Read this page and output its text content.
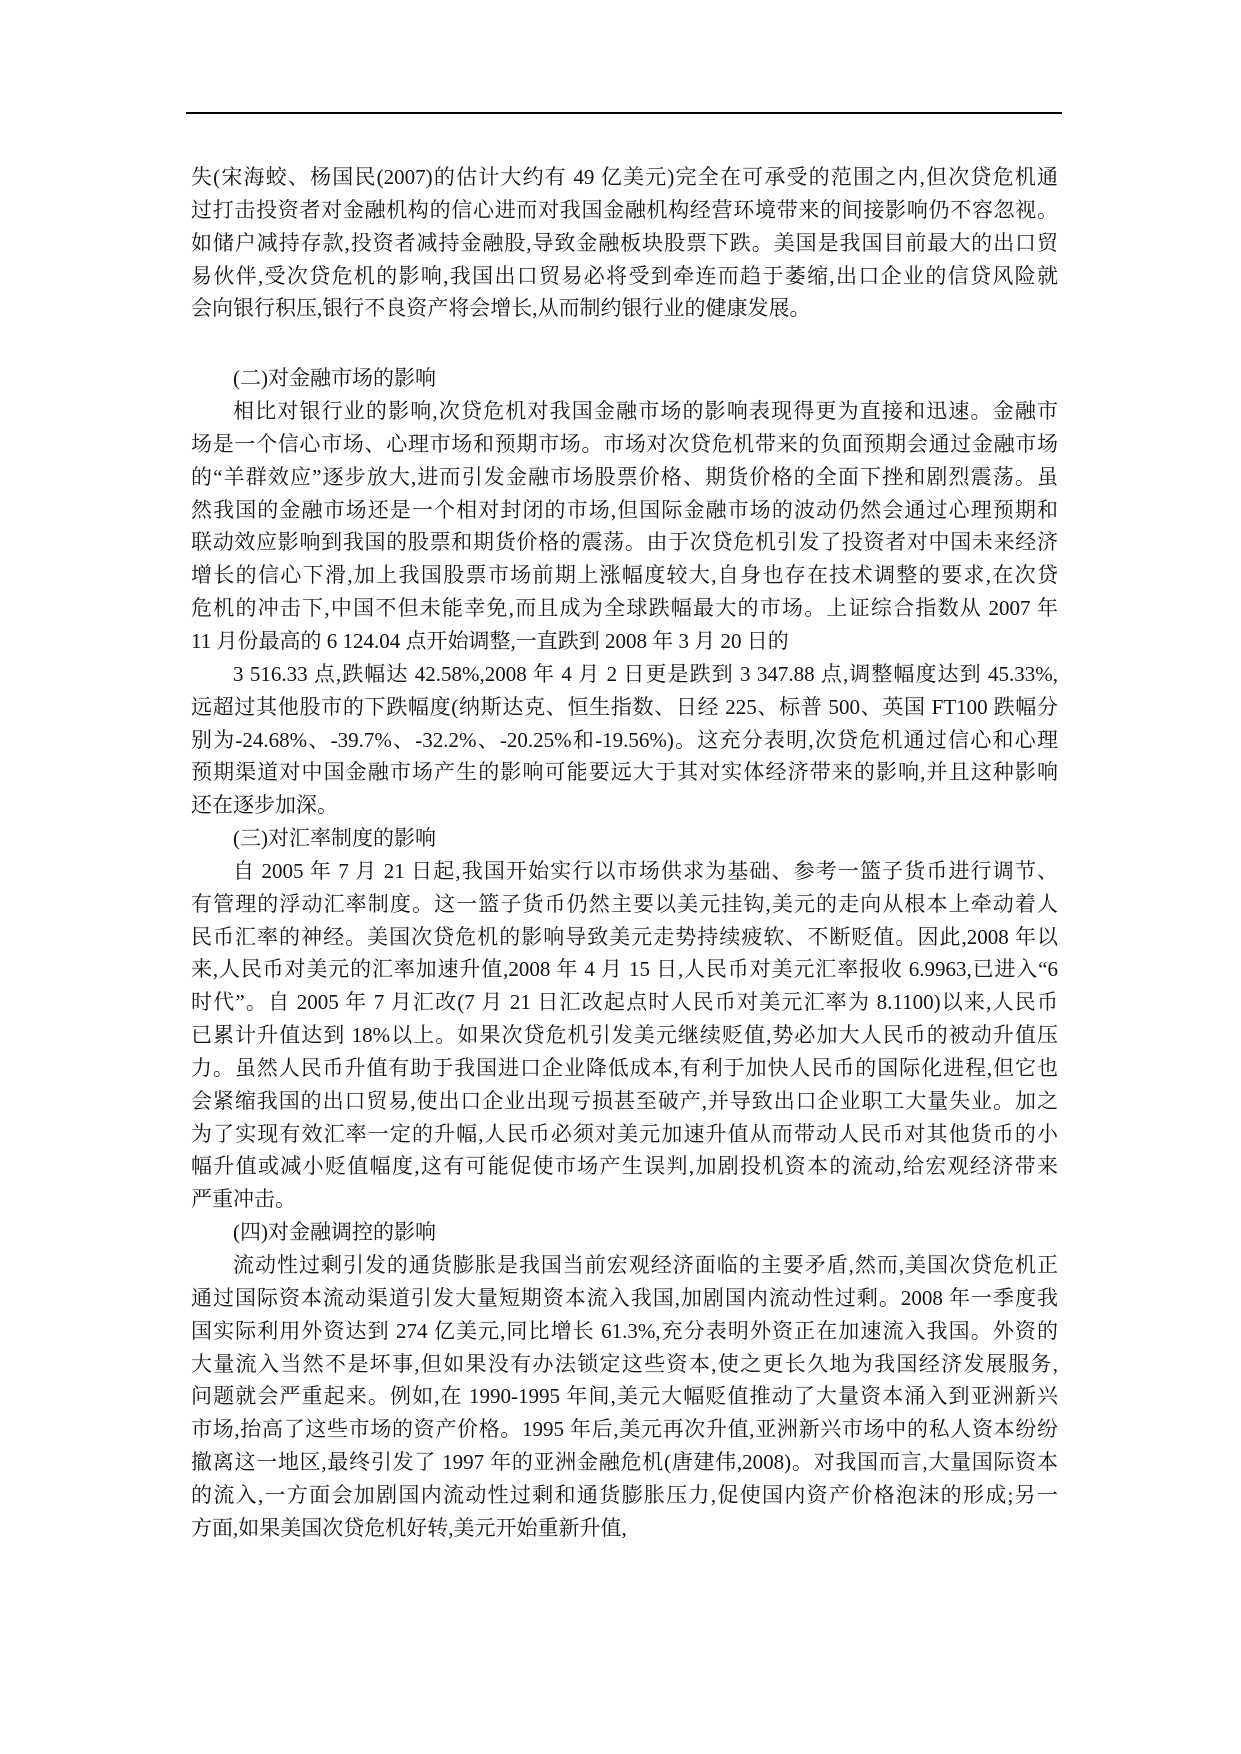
失(宋海蛟、杨国民(2007)的估计大约有 49 亿美元)完全在可承受的范围之内,但次贷危机通
过打击投资者对金融机构的信心进而对我国金融机构经营环境带来的间接影响仍不容忽视。
如储户减持存款,投资者减持金融股,导致金融板块股票下跌。美国是我国目前最大的出口贸
易伙伴,受次贷危机的影响,我国出口贸易必将受到牵连而趋于萎缩,出口企业的信贷风险就
会向银行积压,银行不良资产将会增长,从而制约银行业的健康发展。
(二)对金融市场的影响
相比对银行业的影响,次贷危机对我国金融市场的影响表现得更为直接和迅速。金融市
场是一个信心市场、心理市场和预期市场。市场对次贷危机带来的负面预期会通过金融市场
的“羊群效应”逐步放大,进而引发金融市场股票价格、期货价格的全面下挫和剧烈震荡。虽
然我国的金融市场还是一个相对封闭的市场,但国际金融市场的波动仍然会通过心理预期和
联动效应影响到我国的股票和期货价格的震荡。由于次贷危机引发了投资者对中国未来经济
增长的信心下滑,加上我国股票市场前期上涨幅度较大,自身也存在技术调整的要求,在次贷
危机的冲击下,中国不但未能幸免,而且成为全球跌幅最大的市场。上证综合指数从 2007 年
11 月份最高的 6 124.04 点开始调整,一直跌到 2008 年 3 月 20 日的
3 516.33 点,跌幅达 42.58%,2008 年 4 月 2 日更是跌到 3 347.88 点,调整幅度达到 45.33%,
远超过其他股市的下跌幅度(纳斯达克、恒生指数、日经 225、标普 500、英国 FT100 跌幅分
别为-24.68%、-39.7%、-32.2%、-20.25%和-19.56%)。这充分表明,次贷危机通过信心和心理
预期渠道对中国金融市场产生的影响可能要远大于其对实体经济带来的影响,并且这种影响
还在逐步加深。
(三)对汇率制度的影响
自 2005 年 7 月 21 日起,我国开始实行以市场供求为基础、参考一篮子货币进行调节、
有管理的浮动汇率制度。这一篮子货币仍然主要以美元挂钩,美元的走向从根本上牵动着人
民币汇率的神经。美国次贷危机的影响导致美元走势持续疲软、不断贬值。因此,2008 年以
来,人民币对美元的汇率加速升值,2008 年 4 月 15 日,人民币对美元汇率报收 6.9963,已进入“6
时代”。自 2005 年 7 月汇改(7 月 21 日汇改起点时人民币对美元汇率为 8.1100)以来,人民币
已累计升值达到 18%以上。如果次贷危机引发美元继续贬值,势必加大人民币的被动升值压
力。虽然人民币升值有助于我国进口企业降低成本,有利于加快人民币的国际化进程,但它也
会紧缩我国的出口贸易,使出口企业出现亏损甚至破产,并导致出口企业职工大量失业。加之
为了实现有效汇率一定的升幅,人民币必须对美元加速升值从而带动人民币对其他货币的小
幅升值或减小贬值幅度,这有可能促使市场产生误判,加剧投机资本的流动,给宏观经济带来
严重冲击。
(四)对金融调控的影响
流动性过剩引发的通货膨胀是我国当前宏观经济面临的主要矛盾,然而,美国次贷危机正
通过国际资本流动渠道引发大量短期资本流入我国,加剧国内流动性过剩。2008 年一季度我
国实际利用外资达到 274 亿美元,同比增长 61.3%,充分表明外资正在加速流入我国。外资的
大量流入当然不是坏事,但如果没有办法锁定这些资本,使之更长久地为我国经济发展服务,
问题就会严重起来。例如,在 1990-1995 年间,美元大幅贬值推动了大量资本涌入到亚洲新兴
市场,抬高了这些市场的资产价格。1995 年后,美元再次升值,亚洲新兴市场中的私人资本纷纷
撤离这一地区,最终引发了 1997 年的亚洲金融危机(唐建伟,2008)。对我国而言,大量国际资本
的流入,一方面会加剧国内流动性过剩和通货膨胀压力,促使国内资产价格泡沫的形成;另一
方面,如果美国次贷危机好转,美元开始重新升值,
